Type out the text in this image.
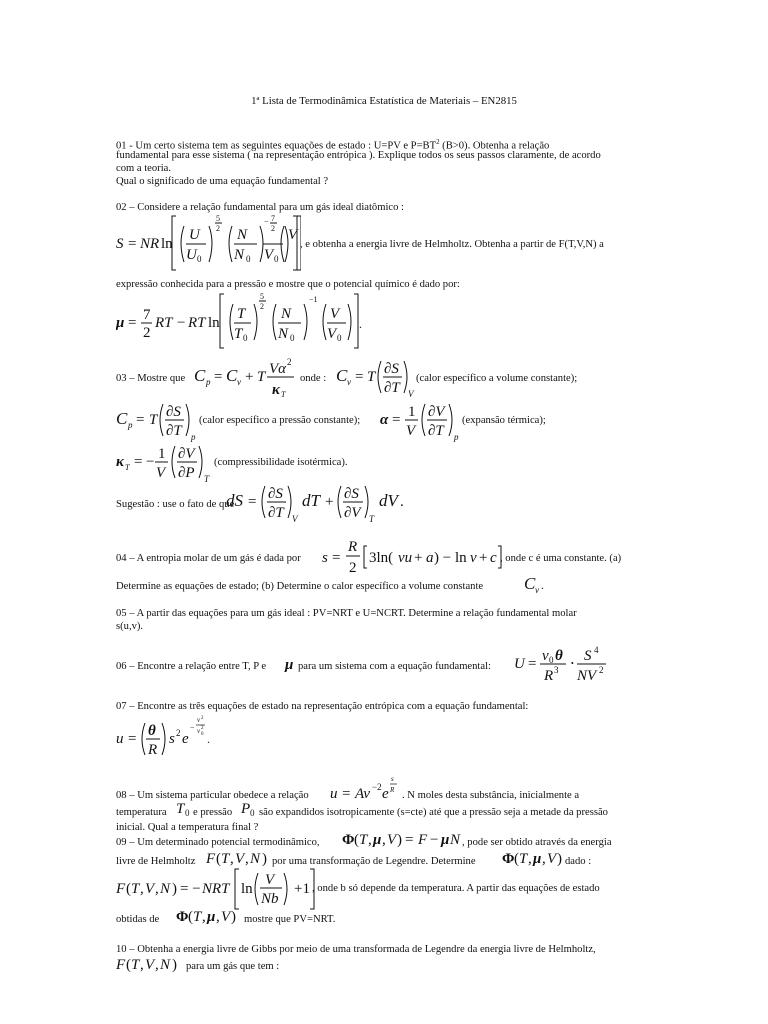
1ª Lista de Termodinâmica Estatística de Materiais – EN2815
01 - Um certo sistema tem as seguintes equações de estado : U=PV e $P=BT^2$ (B>0). Obtenha a relação
fundamental para esse sistema ( na representação entrópica ). Explique todos os seus passos claramente, de acordo
com a teoria.
Qual o significado de uma equação fundamental ?
02 – Considere a relação fundamental para um gás ideal diatômico :
S = NR ln
U
U 0
5
2 N
N 0
− 7
2 V
V 0
, e obtenha a energia livre de Helmholtz. Obtenha a partir de F(T,V,N) a
expressão conhecida para a pressão e mostre que o potencial químico é dado por:
μ = 7
2
RT − RT ln
T
T 0
5
2 N
N 0
−1
V
V 0
.
03 – Mostre que C p = C v + T Vα 2
κ T
onde : C v = T ∂S
∂T V
(calor específico a volume constante);
C p = T ∂S
∂T p
(calor específico a pressão constante); α = 1
V
∂V
∂T p
(expansão térmica);
κ T = − 1
V
∂V
∂P T
(compressibilidade isotérmica).
Sugestão : use o fato de que
dS = ∂S
∂T V
dT + ∂S
∂V T
dV .
04 – A entropia molar de um gás é dada por s =
R
2
3ln( vu + a ) − ln v + c , onde c é uma constante. (a)
Determine as equações de estado; (b) Determine o calor específico a volume constante C v .
05 – A partir das equações para um gás ideal : PV=NRT e U=NCRT. Determine a relação fundamental molar
s(u,v).
06 – Encontre a relação entre T, P e μ para um sistema com a equação fundamental: U = v 0 θ
R 3 ⋅ S 4
NV 2
07 – Encontre as três equações de estado na representação entrópica com a equação fundamental:
u = θ
R
s 2 e
−
v 2
v 0
2
.
08 – Um sistema particular obedece a relação u = Av −2 e
s
R . N moles desta substância, inicialmente a
temperatura T 0 e pressão P 0 são expandidos isotropicamente (s=cte) até que a pressão seja a metade da pressão
inicial. Qual a temperatura final ?
09 – Um determinado potencial termodinâmico, Φ ( T , μ , V ) = F − μ N , pode ser obtido através da energia
livre de Helmholtz F ( T , V , N ) por uma transformação de Legendre. Determine Φ ( T , μ , V ) dado :
F ( T , V , N ) = − NRT ln
V
Nb
+1 , onde b só depende da temperatura. A partir das equações de estado
obtidas de Φ ( T , μ , V ) mostre que PV=NRT.
10 – Obtenha a energia livre de Gibbs por meio de uma transformada de Legendre da energia livre de Helmholtz,
F ( T , V , N ) para um gás que tem :
